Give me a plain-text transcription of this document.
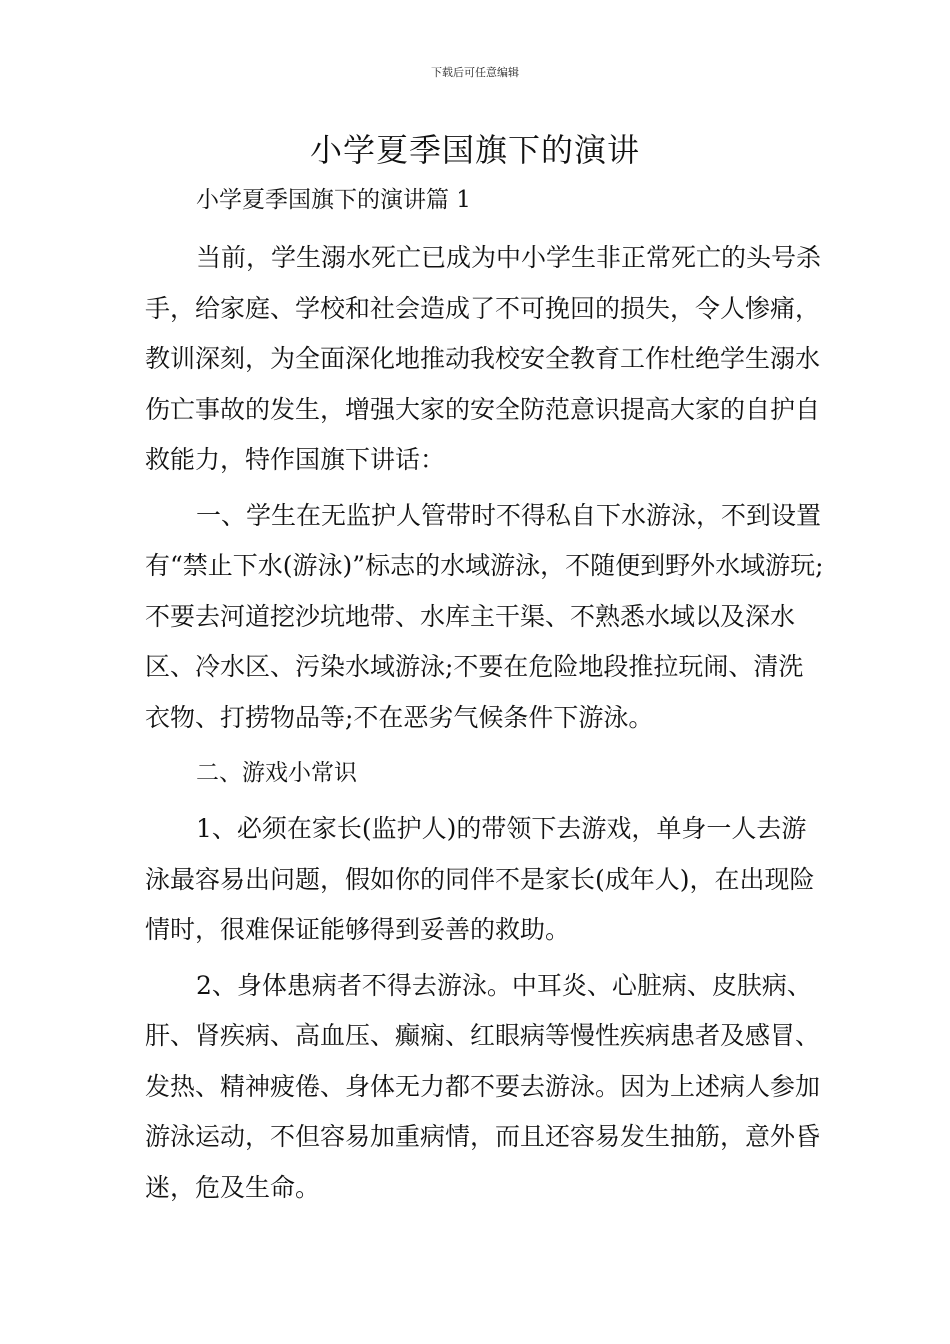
下载后可任意编辑
小学夏季国旗下的演讲

小学夏季国旗下的演讲篇 1

当前，学生溺水死亡已成为中小学生非正常死亡的头号杀手，给家庭、学校和社会造成了不可挽回的损失，令人惨痛，教训深刻，为全面深化地推动我校安全教育工作杜绝学生溺水伤亡事故的发生，增强大家的安全防范意识提高大家的自护自救能力，特作国旗下讲话：

一、学生在无监护人管带时不得私自下水游泳，不到设置有“禁止下水(游泳)”标志的水域游泳，不随便到野外水域游玩;不要去河道挖沙坑地带、水库主干渠、不熟悉水域以及深水区、冷水区、污染水域游泳;不要在危险地段推拉玩闹、清洗衣物、打捞物品等;不在恶劣气候条件下游泳。

二、游戏小常识

1、必须在家长(监护人)的带领下去游戏，单身一人去游泳最容易出问题，假如你的同伴不是家长(成年人)，在出现险情时，很难保证能够得到妥善的救助。

2、身体患病者不得去游泳。中耳炎、心脏病、皮肤病、肝、肾疾病、高血压、癫痫、红眼病等慢性疾病患者及感冒、发热、精神疲倦、身体无力都不要去游泳。因为上述病人参加游泳运动，不但容易加重病情，而且还容易发生抽筋，意外昏迷，危及生命。
